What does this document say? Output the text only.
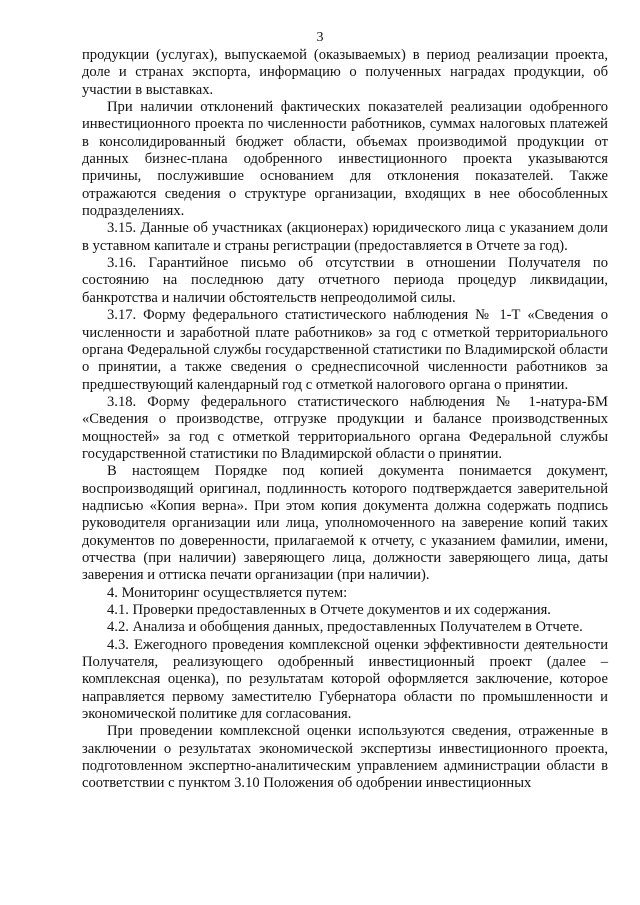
3

продукции (услугах), выпускаемой (оказываемых) в период реализации проекта, доле и странах экспорта, информацию о полученных наградах продукции, об участии в выставках.

При наличии отклонений фактических показателей реализации одобренного инвестиционного проекта по численности работников, суммах налоговых платежей в консолидированный бюджет области, объемах производимой продукции от данных бизнес-плана одобренного инвестиционного проекта указываются причины, послужившие основанием для отклонения показателей. Также отражаются сведения о структуре организации, входящих в нее обособленных подразделениях.

3.15. Данные об участниках (акционерах) юридического лица с указанием доли в уставном капитале и страны регистрации (предоставляется в Отчете за год).

3.16. Гарантийное письмо об отсутствии в отношении Получателя по состоянию на последнюю дату отчетного периода процедур ликвидации, банкротства и наличии обстоятельств непреодолимой силы.

3.17. Форму федерального статистического наблюдения № 1-Т «Сведения о численности и заработной плате работников» за год с отметкой территориального органа Федеральной службы государственной статистики по Владимирской области о принятии, а также сведения о среднесписочной численности работников за предшествующий календарный год с отметкой налогового органа о принятии.

3.18. Форму федерального статистического наблюдения № 1-натура-БМ «Сведения о производстве, отгрузке продукции и балансе производственных мощностей» за год с отметкой территориального органа Федеральной службы государственной статистики по Владимирской области о принятии.

В настоящем Порядке под копией документа понимается документ, воспроизводящий оригинал, подлинность которого подтверждается заверительной надписью «Копия верна». При этом копия документа должна содержать подпись руководителя организации или лица, уполномоченного на заверение копий таких документов по доверенности, прилагаемой к отчету, с указанием фамилии, имени, отчества (при наличии) заверяющего лица, должности заверяющего лица, даты заверения и оттиска печати организации (при наличии).

4. Мониторинг осуществляется путем:

4.1. Проверки предоставленных в Отчете документов и их содержания.

4.2. Анализа и обобщения данных, предоставленных Получателем в Отчете.

4.3. Ежегодного проведения комплексной оценки эффективности деятельности Получателя, реализующего одобренный инвестиционный проект (далее – комплексная оценка), по результатам которой оформляется заключение, которое направляется первому заместителю Губернатора области по промышленности и экономической политике для согласования.

При проведении комплексной оценки используются сведения, отраженные в заключении о результатах экономической экспертизы инвестиционного проекта, подготовленном экспертно-аналитическим управлением администрации области в соответствии с пунктом 3.10 Положения об одобрении инвестиционных
